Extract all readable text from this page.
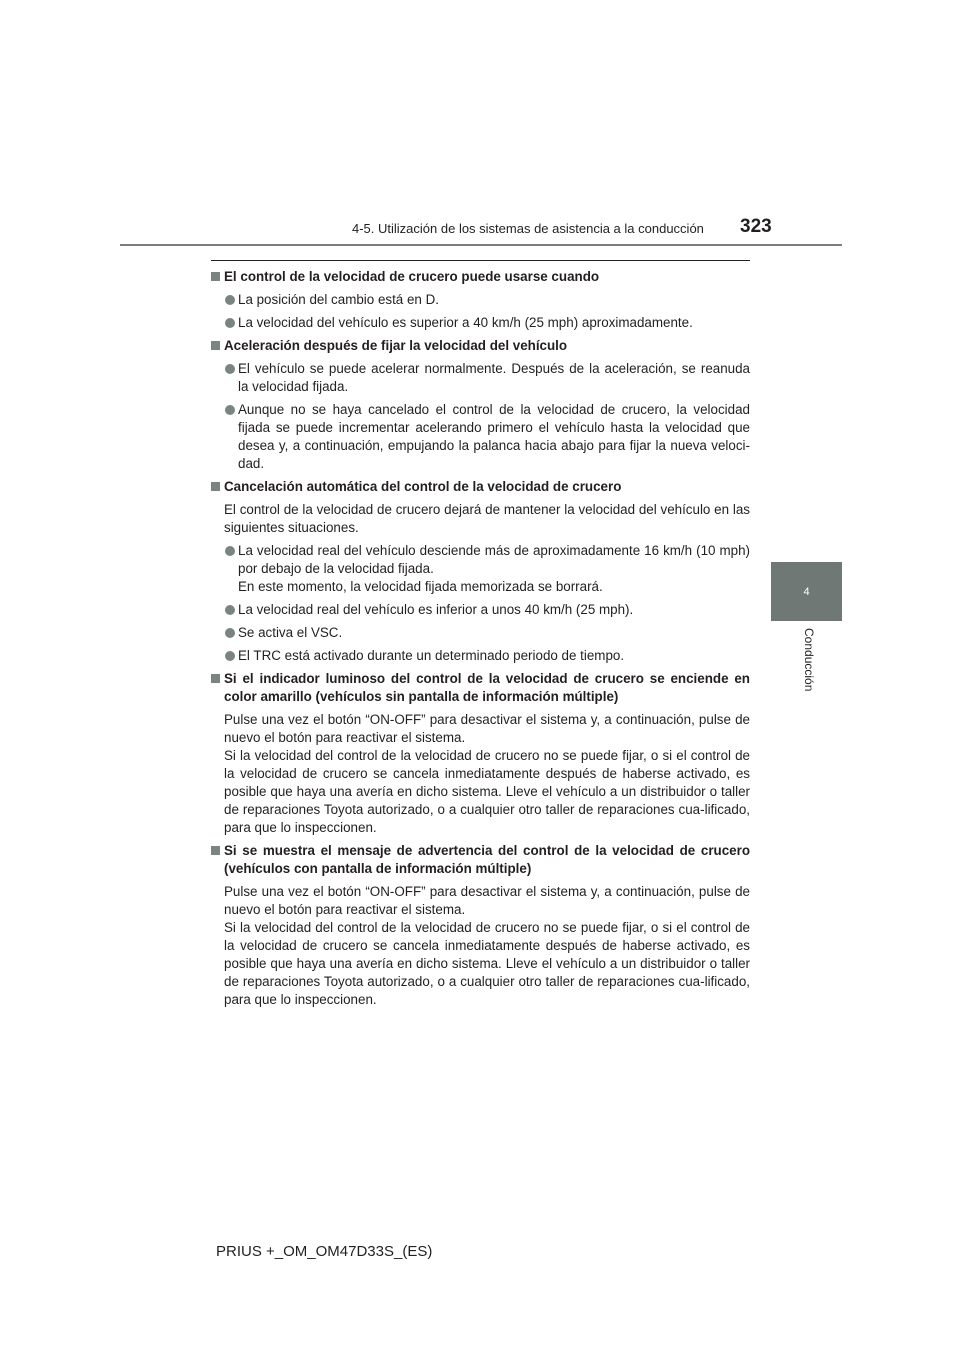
4-5. Utilización de los sistemas de asistencia a la conducción 323
4
Conducción
El control de la velocidad de crucero puede usarse cuando
La posición del cambio está en D.
La velocidad del vehículo es superior a 40 km/h (25 mph) aproximadamente.
Aceleración después de fijar la velocidad del vehículo
El vehículo se puede acelerar normalmente. Después de la aceleración, se reanuda la velocidad fijada.
Aunque no se haya cancelado el control de la velocidad de crucero, la velocidad fijada se puede incrementar acelerando primero el vehículo hasta la velocidad que desea y, a continuación, empujando la palanca hacia abajo para fijar la nueva veloci-dad.
Cancelación automática del control de la velocidad de crucero
El control de la velocidad de crucero dejará de mantener la velocidad del vehículo en las siguientes situaciones.
La velocidad real del vehículo desciende más de aproximadamente 16 km/h (10 mph) por debajo de la velocidad fijada.
En este momento, la velocidad fijada memorizada se borrará.
La velocidad real del vehículo es inferior a unos 40 km/h (25 mph).
Se activa el VSC.
El TRC está activado durante un determinado periodo de tiempo.
Si el indicador luminoso del control de la velocidad de crucero se enciende en color amarillo (vehículos sin pantalla de información múltiple)
Pulse una vez el botón “ON-OFF” para desactivar el sistema y, a continuación, pulse de nuevo el botón para reactivar el sistema.
Si la velocidad del control de la velocidad de crucero no se puede fijar, o si el control de la velocidad de crucero se cancela inmediatamente después de haberse activado, es posible que haya una avería en dicho sistema. Lleve el vehículo a un distribuidor o taller de reparaciones Toyota autorizado, o a cualquier otro taller de reparaciones cua-lificado, para que lo inspeccionen.
Si se muestra el mensaje de advertencia del control de la velocidad de crucero (vehículos con pantalla de información múltiple)
Pulse una vez el botón “ON-OFF” para desactivar el sistema y, a continuación, pulse de nuevo el botón para reactivar el sistema.
Si la velocidad del control de la velocidad de crucero no se puede fijar, o si el control de la velocidad de crucero se cancela inmediatamente después de haberse activado, es posible que haya una avería en dicho sistema. Lleve el vehículo a un distribuidor o taller de reparaciones Toyota autorizado, o a cualquier otro taller de reparaciones cua-lificado, para que lo inspeccionen.
PRIUS +_OM_OM47D33S_(ES)
